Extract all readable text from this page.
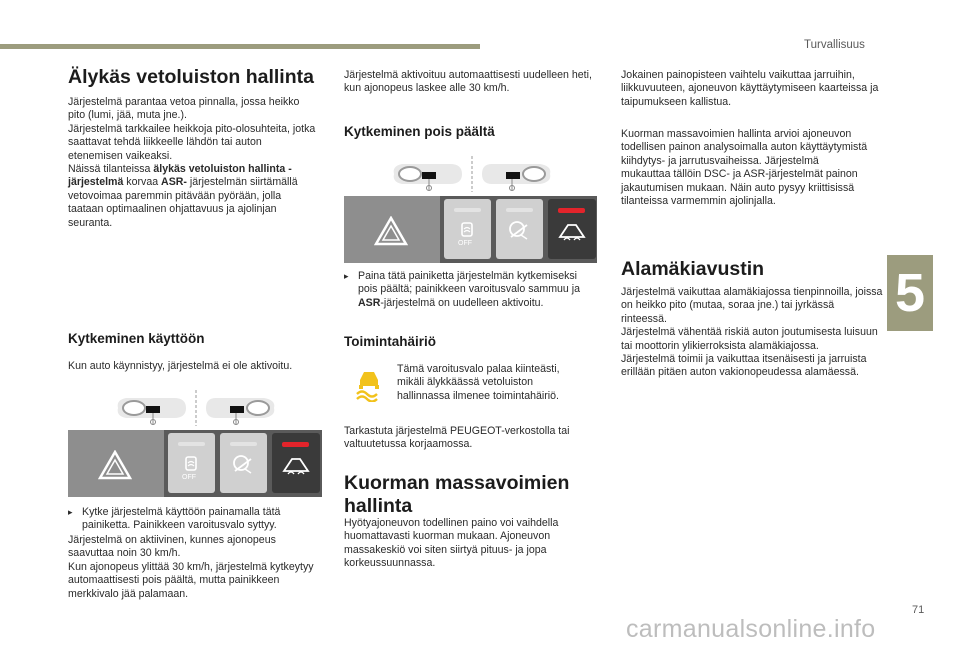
Turvallisuus
5
71
carmanualsonline.info
Älykäs vetoluiston hallinta
Järjestelmä parantaa vetoa pinnalla, jossa heikko pito (lumi, jää, muta jne.).
Järjestelmä tarkkailee heikkoja pito-olosuhteita, jotka saattavat tehdä liikkeelle lähdön tai auton etenemisen vaikeaksi.
Näissä tilanteissa älykäs vetoluiston hallinta -järjestelmä korvaa ASR- järjestelmän siirtämällä vetovoimaa paremmin pitävään pyörään, jolla taataan optimaalinen ohjattavuus ja ajolinjan seuranta.
Kytkeminen käyttöön
Kun auto käynnistyy, järjestelmä ei ole aktivoitu.
OFF
▸ Kytke järjestelmä käyttöön painamalla tätä painiketta. Painikkeen varoitusvalo syttyy.
Järjestelmä on aktiivinen, kunnes ajonopeus saavuttaa noin 30 km/h.
Kun ajonopeus ylittää 30 km/h, järjestelmä kytkeytyy automaattisesti pois päältä, mutta painikkeen merkkivalo jää palamaan.
Järjestelmä aktivoituu automaattisesti uudelleen heti, kun ajonopeus laskee alle 30 km/h.
Kytkeminen pois päältä
OFF
▸ Paina tätä painiketta järjestelmän kytkemiseksi pois päältä; painikkeen varoitusvalo sammuu ja ASR-järjestelmä on uudelleen aktivoitu.
Toimintahäiriö
Tämä varoitusvalo palaa kiinteästi, mikäli älykkäässä vetoluiston hallinnassa ilmenee toimintahäiriö.
Tarkastuta järjestelmä PEUGEOT-verkostolla tai valtuutetussa korjaamossa.
Kuorman massavoimien
hallinta
Hyötyajoneuvon todellinen paino voi vaihdella huomattavasti kuorman mukaan. Ajoneuvon massakeskiö voi siten siirtyä pituus- ja jopa korkeussuunnassa.
Jokainen painopisteen vaihtelu vaikuttaa jarruihin, liikkuvuuteen, ajoneuvon käyttäytymiseen kaarteissa ja taipumukseen kallistua.
Kuorman massavoimien hallinta arvioi ajoneuvon todellisen painon analysoimalla auton käyttäytymistä kiihdytys- ja jarrutusvaiheissa. Järjestelmä mukauttaa tällöin DSC- ja ASR-järjestelmät painon jakautumisen mukaan. Näin auto pysyy kriittisissä tilanteissa varmemmin ajolinjalla.
Alamäkiavustin
Järjestelmä vaikuttaa alamäkiajossa tienpinnoilla, joissa on heikko pito (mutaa, soraa jne.) tai jyrkässä rinteessä.
Järjestelmä vähentää riskiä auton joutumisesta luisuun tai moottorin ylikierroksista alamäkiajossa.
Järjestelmä toimii ja vaikuttaa itsenäisesti ja jarruista erillään pitäen auton vakionopeudessa alamäessä.
